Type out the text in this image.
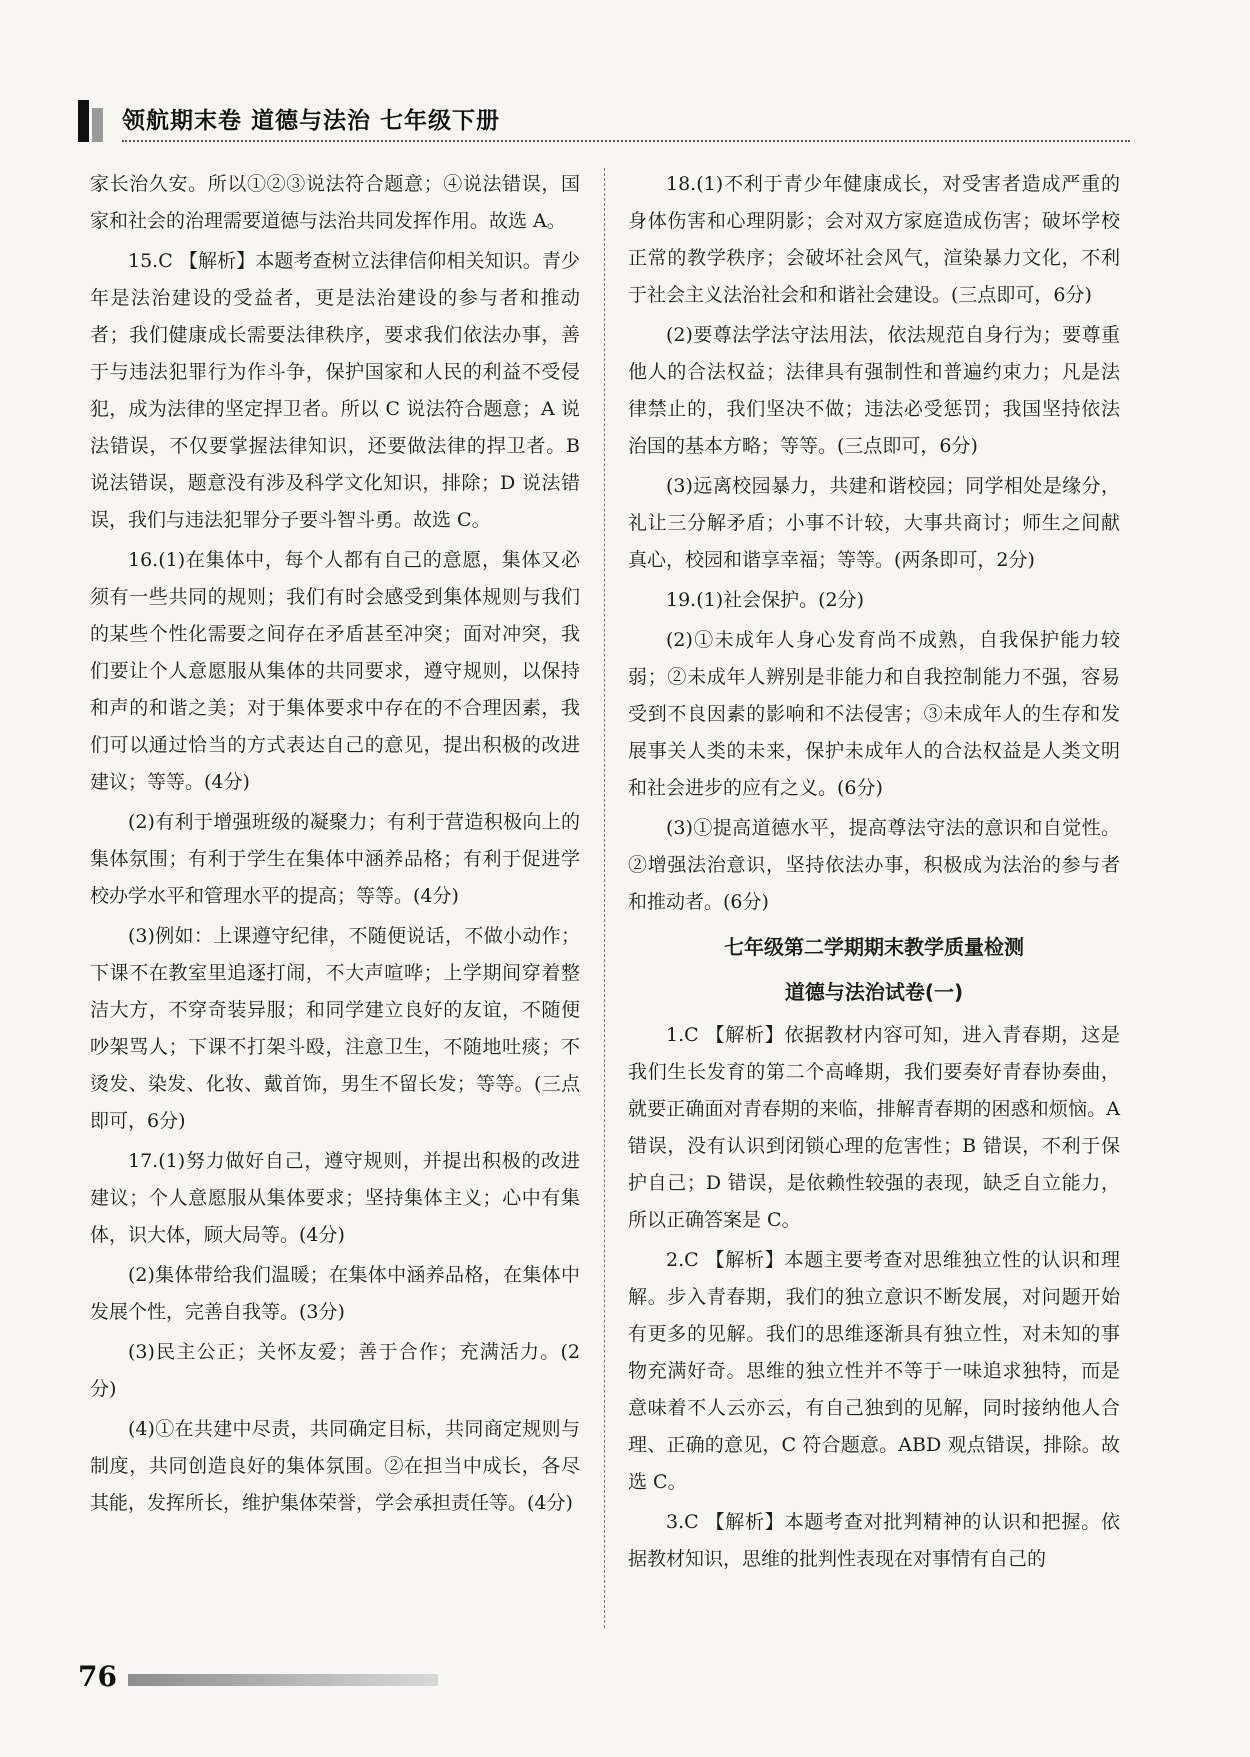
领航期末卷 道德与法治 七年级下册

家长治久安。所以①②③说法符合题意；④说法错误，国家和社会的治理需要道德与法治共同发挥作用。故选 A。

15.C 【解析】本题考查树立法律信仰相关知识。青少年是法治建设的受益者，更是法治建设的参与者和推动者；我们健康成长需要法律秩序，要求我们依法办事，善于与违法犯罪行为作斗争，保护国家和人民的利益不受侵犯，成为法律的坚定捍卫者。所以 C 说法符合题意；A 说法错误，不仅要掌握法律知识，还要做法律的捍卫者。B 说法错误，题意没有涉及科学文化知识，排除；D 说法错误，我们与违法犯罪分子要斗智斗勇。故选 C。

16.(1)在集体中，每个人都有自己的意愿，集体又必须有一些共同的规则；我们有时会感受到集体规则与我们的某些个性化需要之间存在矛盾甚至冲突；面对冲突，我们要让个人意愿服从集体的共同要求，遵守规则，以保持和声的和谐之美；对于集体要求中存在的不合理因素，我们可以通过恰当的方式表达自己的意见，提出积极的改进建议；等等。(4分)

(2)有利于增强班级的凝聚力；有利于营造积极向上的集体氛围；有利于学生在集体中涵养品格；有利于促进学校办学水平和管理水平的提高；等等。(4分)

(3)例如：上课遵守纪律，不随便说话，不做小动作；下课不在教室里追逐打闹，不大声喧哗；上学期间穿着整洁大方，不穿奇装异服；和同学建立良好的友谊，不随便吵架骂人；下课不打架斗殴，注意卫生，不随地吐痰；不烫发、染发、化妆、戴首饰，男生不留长发；等等。(三点即可，6分)

17.(1)努力做好自己，遵守规则，并提出积极的改进建议；个人意愿服从集体要求；坚持集体主义；心中有集体，识大体，顾大局等。(4分)

(2)集体带给我们温暖；在集体中涵养品格，在集体中发展个性，完善自我等。(3分)

(3)民主公正；关怀友爱；善于合作；充满活力。(2分)

(4)①在共建中尽责，共同确定目标，共同商定规则与制度，共同创造良好的集体氛围。②在担当中成长，各尽其能，发挥所长，维护集体荣誉，学会承担责任等。(4分)

18.(1)不利于青少年健康成长，对受害者造成严重的身体伤害和心理阴影；会对双方家庭造成伤害；破坏学校正常的教学秩序；会破坏社会风气，渲染暴力文化，不利于社会主义法治社会和和谐社会建设。(三点即可，6分)

(2)要尊法学法守法用法，依法规范自身行为；要尊重他人的合法权益；法律具有强制性和普遍约束力；凡是法律禁止的，我们坚决不做；违法必受惩罚；我国坚持依法治国的基本方略；等等。(三点即可，6分)

(3)远离校园暴力，共建和谐校园；同学相处是缘分，礼让三分解矛盾；小事不计较，大事共商讨；师生之间献真心，校园和谐享幸福；等等。(两条即可，2分)

19.(1)社会保护。(2分)

(2)①未成年人身心发育尚不成熟，自我保护能力较弱；②未成年人辨别是非能力和自我控制能力不强，容易受到不良因素的影响和不法侵害；③未成年人的生存和发展事关人类的未来，保护未成年人的合法权益是人类文明和社会进步的应有之义。(6分)

(3)①提高道德水平，提高尊法守法的意识和自觉性。②增强法治意识，坚持依法办事，积极成为法治的参与者和推动者。(6分)

七年级第二学期期末教学质量检测
道德与法治试卷(一)

1.C 【解析】依据教材内容可知，进入青春期，这是我们生长发育的第二个高峰期，我们要奏好青春协奏曲，就要正确面对青春期的来临，排解青春期的困惑和烦恼。A 错误，没有认识到闭锁心理的危害性；B 错误，不利于保护自己；D 错误，是依赖性较强的表现，缺乏自立能力，所以正确答案是 C。

2.C 【解析】本题主要考查对思维独立性的认识和理解。步入青春期，我们的独立意识不断发展，对问题开始有更多的见解。我们的思维逐渐具有独立性，对未知的事物充满好奇。思维的独立性并不等于一味追求独特，而是意味着不人云亦云，有自己独到的见解，同时接纳他人合理、正确的意见，C 符合题意。ABD 观点错误，排除。故选 C。

3.C 【解析】本题考查对批判精神的认识和把握。依据教材知识，思维的批判性表现在对事情有自己的

76
